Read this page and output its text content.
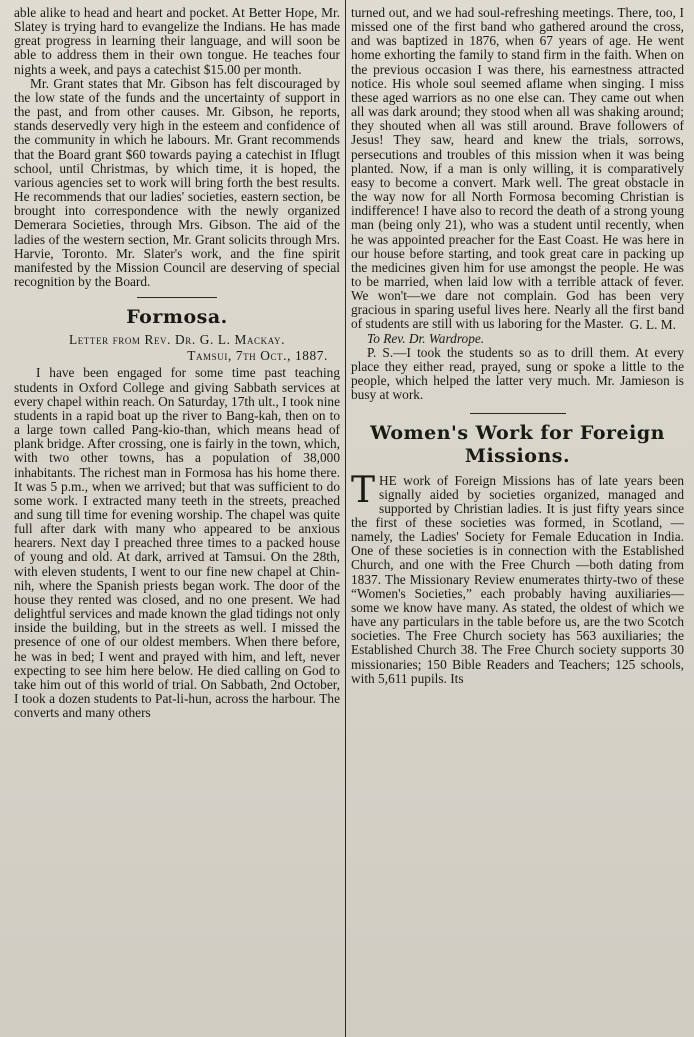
able alike to head and heart and pocket. At Better Hope, Mr. Slatey is trying hard to evangelize the Indians. He has made great progress in learning their language, and will soon be able to address them in their own tongue. He teaches four nights a week, and pays a catechist $15.00 per month.

Mr. Grant states that Mr. Gibson has felt discouraged by the low state of the funds and the uncertainty of support in the past, and from other causes. Mr. Gibson, he reports, stands deservedly very high in the esteem and confidence of the community in which he labours. Mr. Grant recommends that the Board grant $60 towards paying a catechist in Iflugt school, until Christmas, by which time, it is hoped, the various agencies set to work will bring forth the best results. He recommends that our ladies' societies, eastern section, be brought into correspondence with the newly organized Demerara Societies, through Mrs. Gibson. The aid of the ladies of the western section, Mr. Grant solicits through Mrs. Harvie, Toronto. Mr. Slater's work, and the fine spirit manifested by the Mission Council are deserving of special recognition by the Board.

Formosa.

Letter from Rev. Dr. G. L. Mackay.

Tamsui, 7th Oct., 1887.

I have been engaged for some time past teaching students in Oxford College and giving Sabbath services at every chapel within reach. On Saturday, 17th ult., I took nine students in a rapid boat up the river to Bang-kah, then on to a large town called Pang-kio-than, which means head of plank bridge. After crossing, one is fairly in the town, which, with two other towns, has a population of 38,000 inhabitants. The richest man in Formosa has his home there. It was 5 p.m., when we arrived; but that was sufficient to do some work. I extracted many teeth in the streets, preached and sung till time for evening worship. The chapel was quite full after dark with many who appeared to be anxious hearers. Next day I preached three times to a packed house of young and old. At dark, arrived at Tamsui. On the 28th, with eleven students, I went to our fine new chapel at Chin-nih, where the Spanish priests began work. The door of the house they rented was closed, and no one present. We had delightful services and made known the glad tidings not only inside the building, but in the streets as well. I missed the presence of one of our oldest members. When there before, he was in bed; I went and prayed with him, and left, never expecting to see him here below. He died calling on God to take him out of this world of trial. On Sabbath, 2nd October, I took a dozen students to Pat-li-hun, across the harbour. The converts and many others

turned out, and we had soul-refreshing meetings. There, too, I missed one of the first band who gathered around the cross, and was baptized in 1876, when 67 years of age. He went home exhorting the family to stand firm in the faith. When on the previous occasion I was there, his earnestness attracted notice. His whole soul seemed aflame when singing. I miss these aged warriors as no one else can. They came out when all was dark around; they stood when all was shaking around; they shouted when all was still around. Brave followers of Jesus! They saw, heard and knew the trials, sorrows, persecutions and troubles of this mission when it was being planted. Now, if a man is only willing, it is comparatively easy to become a convert. Mark well. The great obstacle in the way now for all North Formosa becoming Christian is indifference! I have also to record the death of a strong young man (being only 21), who was a student until recently, when he was appointed preacher for the East Coast. He was here in our house before starting, and took great care in packing up the medicines given him for use amongst the people. He was to be married, when laid low with a terrible attack of fever. We won't—we dare not complain. God has been very gracious in sparing useful lives here. Nearly all the first band of students are still with us laboring for the Master. G. L. M.

To Rev. Dr. Wardrope.

P. S.—I took the students so as to drill them. At every place they either read, prayed, sung or spoke a little to the people, which helped the latter very much. Mr. Jamieson is busy at work.

Women's Work for Foreign

Missions.

THE work of Foreign Missions has of late years been signally aided by societies organized, managed and supported by Christian ladies. It is just fifty years since the first of these societies was formed, in Scotland, — namely, the Ladies' Society for Female Education in India. One of these societies is in connection with the Established Church, and one with the Free Church —both dating from 1837. The Missionary Review enumerates thirty-two of these “Women's Societies,” each probably having auxiliaries—some we know have many. As stated, the oldest of which we have any particulars in the table before us, are the two Scotch societies. The Free Church society has 563 auxiliaries; the Established Church 38. The Free Church society supports 30 missionaries; 150 Bible Readers and Teachers; 125 schools, with 5,611 pupils. Its
